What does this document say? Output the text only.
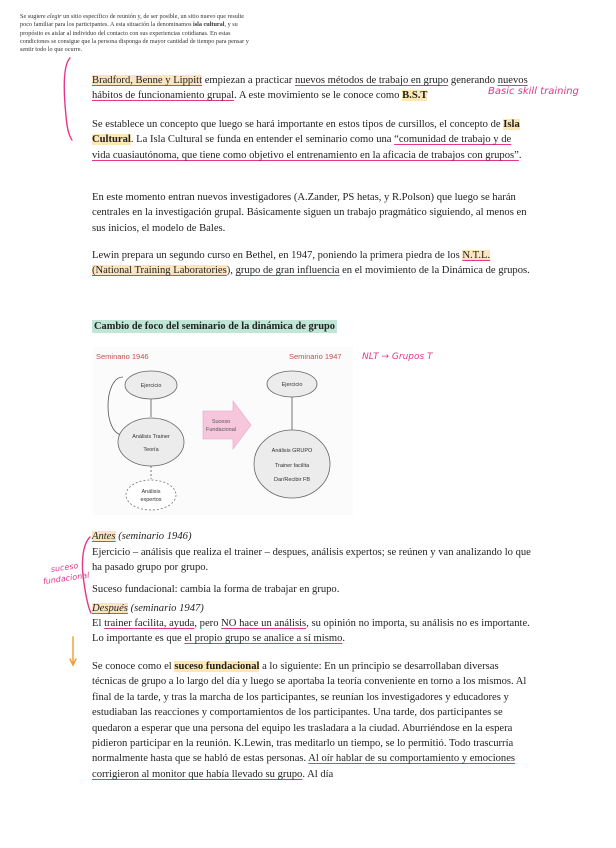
Se sugiere elegir un sitio específico de reunión y, de ser posible, un sitio nuevo que resulte poco familiar para los participantes. A esta situación la denominamos isla cultural, y su propósito es aislar al individuo del contacto con sus experiencias cotidianas. En estas condiciones se consigue que la persona disponga de mayor cantidad de tiempo para pensar y sentir todo lo que ocurre.
Bradford, Benne y Lippitt empiezan a practicar nuevos métodos de trabajo en grupo generando nuevos hábitos de funcionamiento grupal. A este movimiento se le conoce como B.S.T	Basic skill training
Se establece un concepto que luego se hará importante en estos tipos de cursillos, el concepto de Isla Cultural. La Isla Cultural se funda en entender el seminario como una “comunidad de trabajo y de vida cuasiautónoma, que tiene como objetivo el entrenamiento en la aficacia de trabajos con grupos”.
En este momento entran nuevos investigadores (A.Zander, PS hetas, y R.Polson) que luego se harán centrales en la investigación grupal. Básicamente siguen un trabajo pragmático siguiendo, al menos en sus inicios, el modelo de Bales.
Lewin prepara un segundo curso en Bethel, en 1947, poniendo la primera piedra de los N.T.L. (National Training Laboratories), grupo de gran influencia en el movimiento de la Dinámica de grupos.
Cambio de foco del seminario de la dinámica de grupo
Seminario 1946	Seminario 1947
Ejercicio
Análisis Trainer
Teoría
Análisis
expertos
Suceso
Fundacional
Ejercicio
Análisis GRUPO
Trainer facilita
Dar/Recibir FB
NLT → Grupos T
Antes (seminario 1946)
Ejercicio – análisis que realiza el trainer – despues, análisis expertos; se reúnen y van analizando lo que ha pasado grupo por grupo.
Suceso fundacional: cambia la forma de trabajar en grupo.
suceso
fundacional
Después (seminario 1947)
El trainer facilita, ayuda, pero NO hace un análisis, su opinión no importa, su análisis no es importante. Lo importante es que el propio grupo se analice a sí mismo.
Se conoce como el suceso fundacional a lo siguiente: En un principio se desarrollaban diversas técnicas de grupo a lo largo del día y luego se aportaba la teoría conveniente en torno a los mismos. Al final de la tarde, y tras la marcha de los participantes, se reunían los investigadores y educadores y estudiaban las reacciones y comportamientos de los participantes. Una tarde, dos participantes se quedaron a esperar que una persona del equipo les trasladara a la ciudad. Aburriéndose en la espera pidieron participar en la reunión. K.Lewin, tras meditarlo un tiempo, se lo permitió. Todo trascurría normalmente hasta que se habló de estas personas. Al oír hablar de su comportamiento y emociones corrigieron al monitor que había llevado su grupo. Al día
